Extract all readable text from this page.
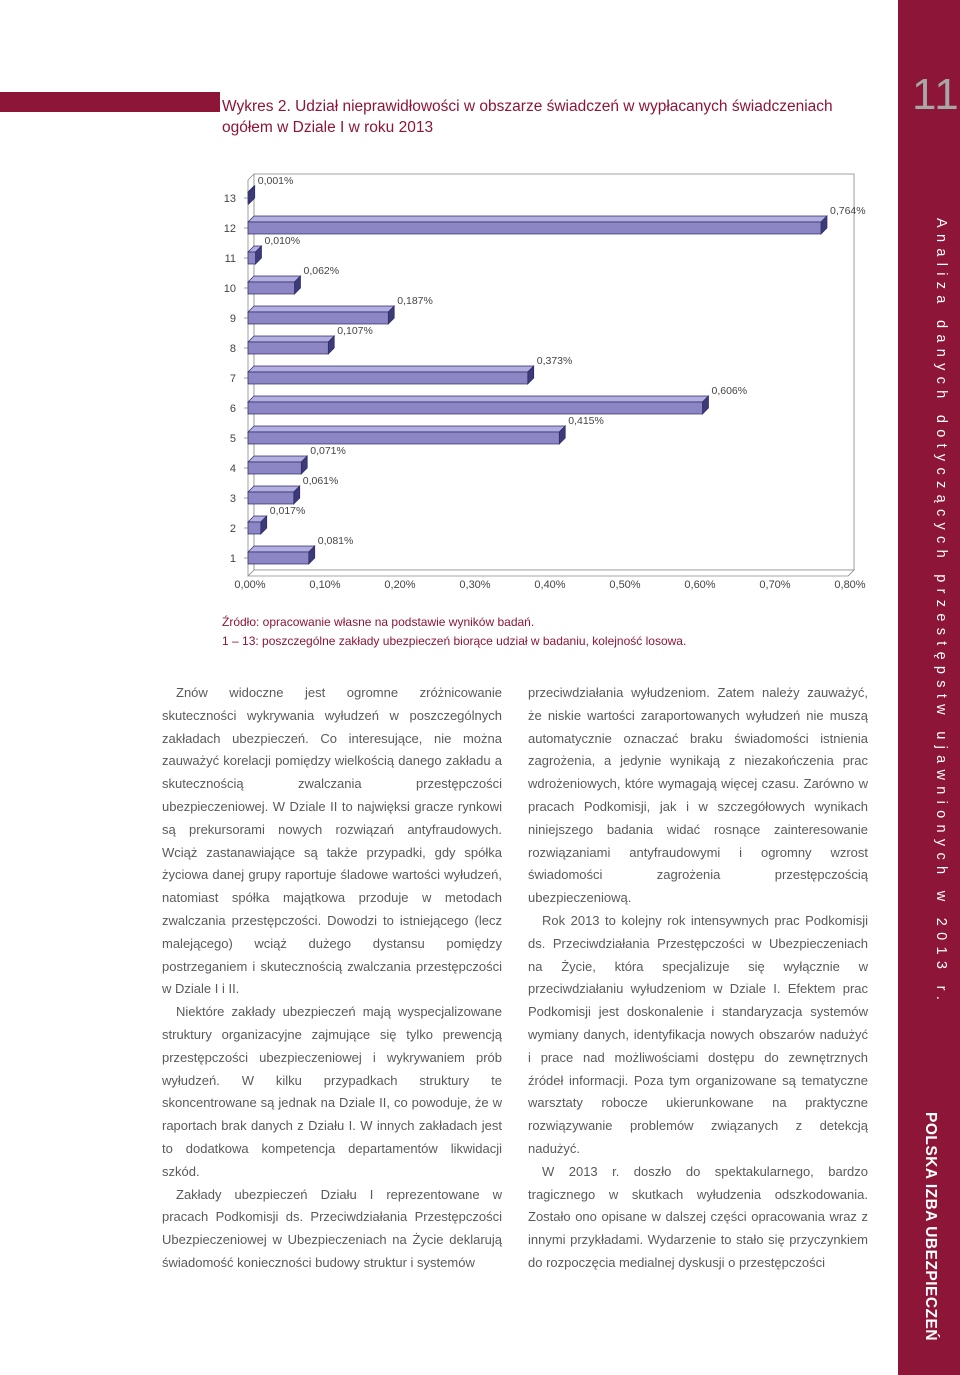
Wykres 2. Udział nieprawidłowości w obszarze świadczeń w wypłacanych świadczeniach ogółem w Dziale I w roku 2013
11
Analiza danych dotyczących przestępstw ujawnionych w 2013 r.
POLSKA IZBA UBEZPIECZEŃ
1
2
3
4
5
6
7
8
9
10
11
12
13
0,00%	0,10%	0,20%	0,30%	0,40%	0,50%	0,60%	0,70%	0,80%
0,081%
0,017%
0,061%
0,071%
0,415%
0,606%
0,373%
0,107%
0,187%
0,062%
0,010%
0,764%
0,001%
Źródło: opracowanie własne na podstawie wyników badań.
1 – 13: poszczególne zakłady ubezpieczeń biorące udział w badaniu, kolejność losowa.

Znów widoczne jest ogromne zróżnicowanie skuteczności wykrywania wyłudzeń w poszczególnych zakładach ubezpieczeń. Co interesujące, nie można zauważyć korelacji pomiędzy wielkością danego zakładu a skutecznością zwalczania przestępczości ubezpieczeniowej. W Dziale II to najwięksi gracze rynkowi są prekursorami nowych rozwiązań antyfraudowych. Wciąż zastanawiające są także przypadki, gdy spółka życiowa danej grupy raportuje śladowe wartości wyłudzeń, natomiast spółka majątkowa przoduje w metodach zwalczania przestępczości. Dowodzi to istniejącego (lecz malejącego) wciąż dużego dystansu pomiędzy postrzeganiem i skutecznością zwalczania przestępczości w Dziale I i II.

Niektóre zakłady ubezpieczeń mają wyspecjalizowane struktury organizacyjne zajmujące się tylko prewencją przestępczości ubezpieczeniowej i wykrywaniem prób wyłudzeń. W kilku przypadkach struktury te skoncentrowane są jednak na Dziale II, co powoduje, że w raportach brak danych z Działu I. W innych zakładach jest to dodatkowa kompetencja departamentów likwidacji szkód.

Zakłady ubezpieczeń Działu I reprezentowane w pracach Podkomisji ds. Przeciwdziałania Przestępczości Ubezpieczeniowej w Ubezpieczeniach na Życie deklarują świadomość konieczności budowy struktur i systemów

przeciwdziałania wyłudzeniom. Zatem należy zauważyć, że niskie wartości zaraportowanych wyłudzeń nie muszą automatycznie oznaczać braku świadomości istnienia zagrożenia, a jedynie wynikają z niezakończenia prac wdrożeniowych, które wymagają więcej czasu. Zarówno w pracach Podkomisji, jak i w szczegółowych wynikach niniejszego badania widać rosnące zainteresowanie rozwiązaniami antyfraudowymi i ogromny wzrost świadomości zagrożenia przestępczością ubezpieczeniową.

Rok 2013 to kolejny rok intensywnych prac Podkomisji ds. Przeciwdziałania Przestępczości w Ubezpieczeniach na Życie, która specjalizuje się wyłącznie w przeciwdziałaniu wyłudzeniom w Dziale I. Efektem prac Podkomisji jest doskonalenie i standaryzacja systemów wymiany danych, identyfikacja nowych obszarów nadużyć i prace nad możliwościami dostępu do zewnętrznych źródeł informacji. Poza tym organizowane są tematyczne warsztaty robocze ukierunkowane na praktyczne rozwiązywanie problemów związanych z detekcją nadużyć.

W 2013 r. doszło do spektakularnego, bardzo tragicznego w skutkach wyłudzenia odszkodowania. Zostało ono opisane w dalszej części opracowania wraz z innymi przykładami. Wydarzenie to stało się przyczynkiem do rozpoczęcia medialnej dyskusji o przestępczości
